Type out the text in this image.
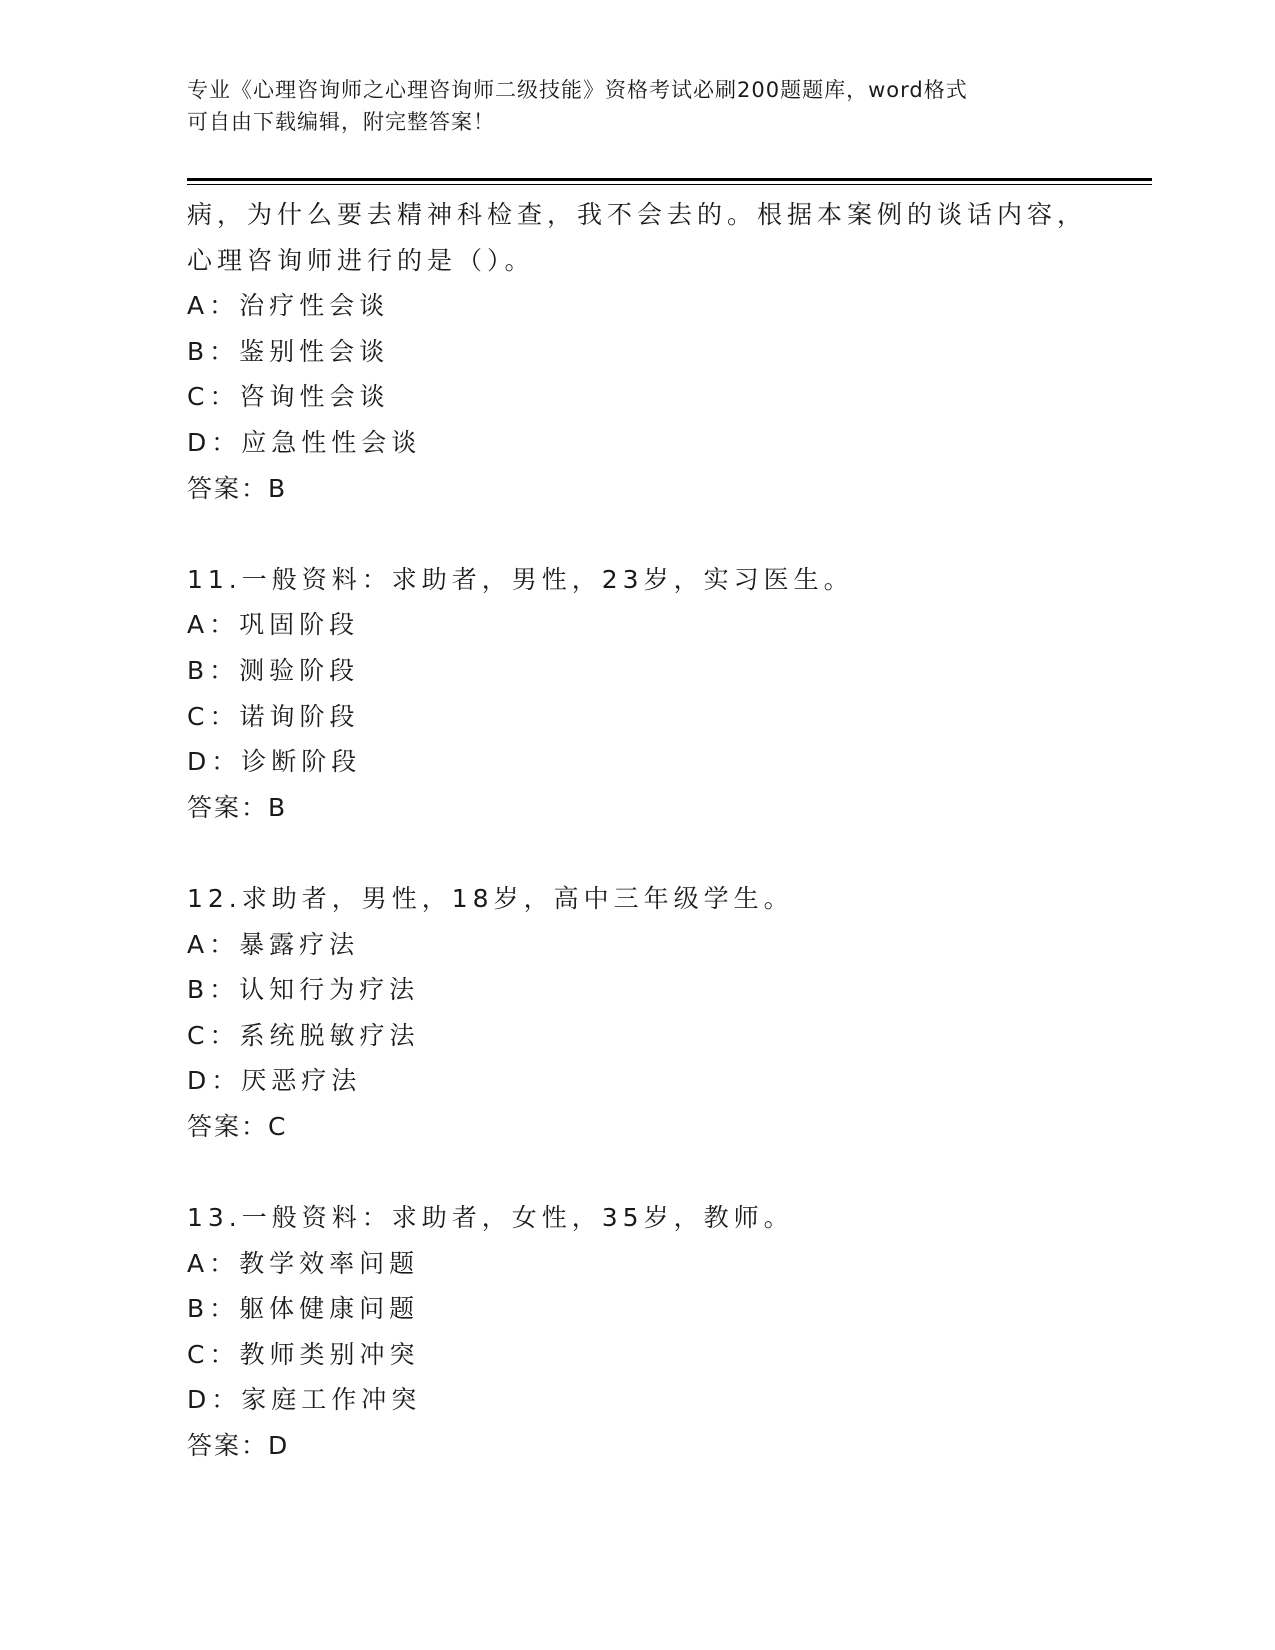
专业《心理咨询师之心理咨询师二级技能》资格考试必刷200题题库，word格式
可自由下载编辑，附完整答案！
病，为什么要去精神科检查，我不会去的。根据本案例的谈话内容，
心理咨询师进行的是（）。
A：治疗性会谈
B：鉴别性会谈
C：咨询性会谈
D：应急性性会谈
答案：B
11.一般资料：求助者，男性，23岁，实习医生。
A：巩固阶段
B：测验阶段
C：诺询阶段
D：诊断阶段
答案：B
12.求助者，男性，18岁，高中三年级学生。
A：暴露疗法
B：认知行为疗法
C：系统脱敏疗法
D：厌恶疗法
答案：C
13.一般资料：求助者，女性，35岁，教师。
A：教学效率问题
B：躯体健康问题
C：教师类别冲突
D：家庭工作冲突
答案：D
